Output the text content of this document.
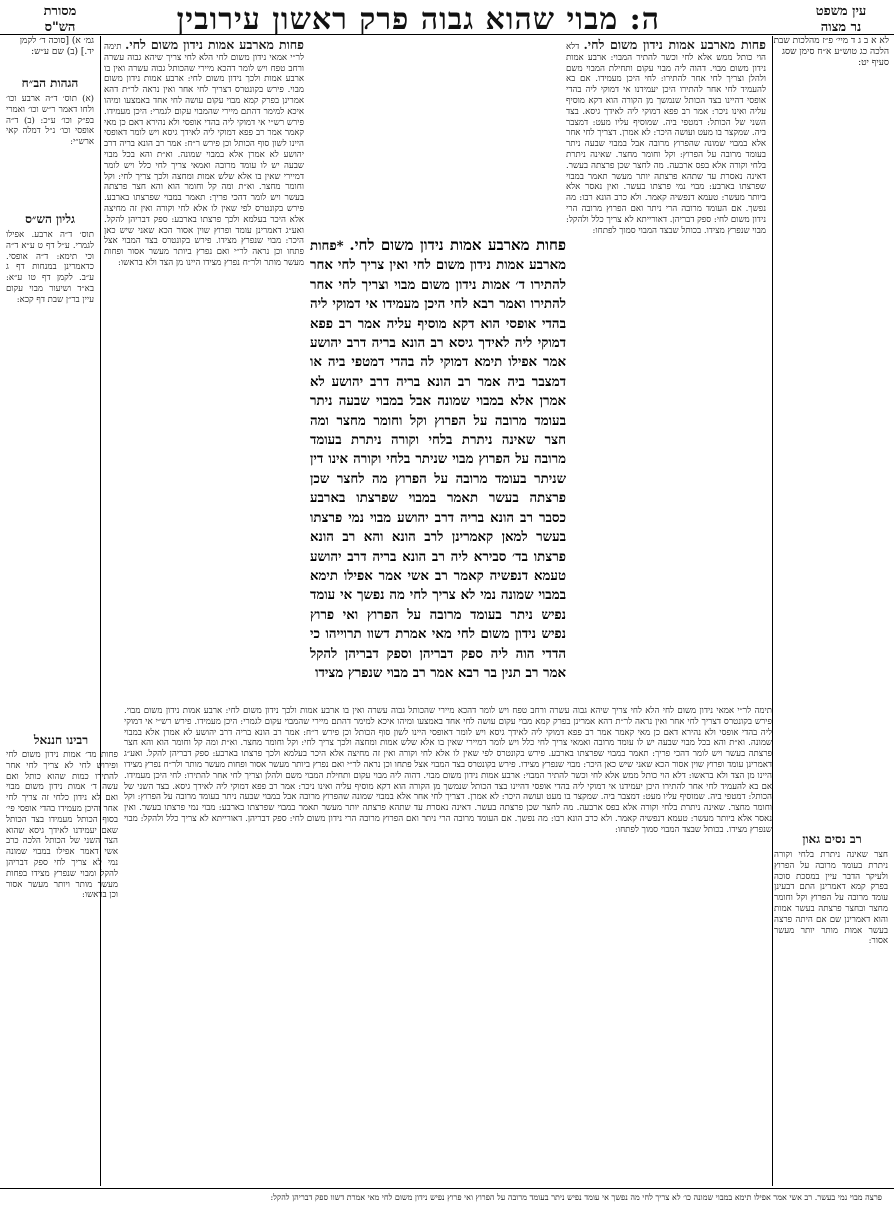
ה: מבוי שהוא גבוה פרק ראשון עירובין	עין משפט
נר מצוה
מסורת
הש"ס
לא א ב ג ד מיי׳ פ״ז מהלכות שבת הלכה כג טוש״ע א״ח סימן שסג סעיף יט:
גמ׳ א) [סוכה ד׳ לקמן יד.] (ב) שם ע״ש:
הגהות הב״ח
(א) תוס׳ ד״ה ארבע וכו׳ ולחו דאמר ר״ש וכו׳ ואמרי בפ״ק וכו׳ ע״כ: (ב) ד״ה אופסי וכו׳ נ״ל דמלה קאי ארש״י:
גליון הש״ס
תוס׳ ד״ה ארבע. אפילו לגמרי. ע״ל דף ט ע״א ד״ה וכי תימא: ד״ה אופסי. כדאמרינן במנחות דף ג ע״ב. לקמן דף טו ע״א: בא״ד ושיעור מבוי עקום עיין בר״ן שבת דף קכא:
רבינו חננאל
פחות מד׳ אמות נידון משום לחי ופירוש לחי לא צריך לחי אחר להתירו כמות שהוא כותל ואם עשה ד׳ אמות נידון משום מבוי ואם לא נידון כלחי זה צריך לחי אחר והיכן מעמידו בהדי אופסי פי׳ בסוף הכותל מעמידו בצד הכותל שאם יעמידנו לאידך גיסא שהוא הצד השני של הכותל הלכה כרב אשי דאמר אפילו במבוי שמונה נמי לא צריך לחי ספק דבריהן להקל ומבוי שנפרץ מצידו בפחות מעשר מותר ויותר מעשר אסור וכן בראשו:
רב נסים גאון
חצר שאינה ניתרת בלחי וקורה ניתרת בעומד מרובה על הפרוץ ולעיקר הדבר עיין במסכת סוכה בפרק קמא דאמרינן התם דבעינן עומד מרובה על הפרוץ וקל וחומר מחצר ובחצר פרצתה בעשר אמות והוא דאמרינן שם אם היתה פרצה בעשר אמות מותר יותר מעשר אסור:
פחות מארבע אמות נידון משום לחי. תימה לר״י אמאי נידון משום לחי הלא לחי צריך שיהא גבוה עשרה ורחב טפח ויש לומר דהכא מיירי שהכותל גבוה עשרה ואין בו ארבע אמות ולכך נידון משום לחי: ארבע אמות נידון משום מבוי. פירש בקונטרס דצריך לחי אחר ואין נראה לר״ת דהא אמרינן בפרק קמא מבוי עקום עושה לחי אחד באמצעו ומיהו איכא למימר דהתם מיירי שהמבוי עקום לגמרי: היכן מעמידו. פירש רש״י אי דמוקי ליה בהדי אופסי ולא נהירא דאם כן מאי קאמר אמר רב פפא דמוקי ליה לאידך גיסא ויש לומר דאופסי היינו לשון סוף הכותל וכן פירש ר״ח: אמר רב הונא בריה דרב יהושע לא אמרן אלא במבוי שמונה. וא״ת והא בכל מבוי שבעה יש לו עומד מרובה ואמאי צריך לחי כלל ויש לומר דמיירי שאין בו אלא שלש אמות ומחצה ולכך צריך לחי: וקל וחומר מחצר. וא״ת ומה קל וחומר הוא והא חצר פרצתה בעשר ויש לומר דהכי פריך: תאמר במבוי שפרצתו בארבע. פירש בקונטרס לפי שאין לו אלא לחי וקורה ואין זה מחיצה אלא היכר בעלמא ולכך פרצתו בארבע: ספק דבריהן להקל. ואע״ג דאמרינן עומד ופרוץ שוין אסור הכא שאני שיש כאן היכר: מבוי שנפרץ מצידו. פירש בקונטרס בצד המבוי אצל פתחו וכן נראה לר״י ואם נפרץ ביותר מעשר אסור ופחות מעשר מותר ולר״ח נפרץ מצידו היינו מן הצד ולא בראשו:
פחות מארבע אמות נידון משום לחי. דלא הוי כותל ממש אלא לחי וכשר להתיר המבוי: ארבע אמות נידון משום מבוי. דהוה ליה מבוי עקום ותחילת המבוי משם ולהלן וצריך לחי אחר להתירו: לחי היכן מעמידו. אם בא להעמיד לחי אחר להתירו היכן יעמידנו אי דמוקי ליה בהדי אופסי דהיינו בצד הכותל שנמשך מן הקורה הוא דקא מוסיף עליה ואינו ניכר: אמר רב פפא דמוקי ליה לאידך גיסא. בצד השני של הכותל: דמטפי ביה. שמוסיף עליו מעט: דמצבר ביה. שמקצר בו מעט ועושה היכר: לא אמרן. דצריך לחי אחר אלא במבוי שמונה שהפרוץ מרובה אבל במבוי שבעה ניתר בעומד מרובה על הפרוץ: וקל וחומר מחצר. שאינה ניתרת בלחי וקורה אלא בפס ארבעה. מה לחצר שכן פרצתה בעשר. דאינה נאסרת עד שתהא פרצתה יותר מעשר תאמר במבוי שפרצתו בארבע: מבוי נמי פרצתו בעשר. ואין נאסר אלא ביותר מעשר: טעמא דנפשיה קאמר. ולא כרב הונא רבו: מה נפשך. אם העומד מרובה הרי ניתר ואם הפרוץ מרובה הרי נידון משום לחי: ספק דבריהן. דאורייתא לא צריך כלל ולהקל: מבוי שנפרץ מצידו. בכותל שבצד המבוי סמוך לפתחו:
פחות מארבע אמות נידון משום לחי. *פחות מארבע אמות נידון משום לחי ואין צריך לחי אחר להתירו ד׳ אמות נידון משום מבוי וצריך לחי אחר להתירו ואמר רבא לחי היכן מעמידו אי דמוקי ליה בהדי אופסי הוא דקא מוסיף עליה אמר רב פפא דמוקי ליה לאידך גיסא רב הונא בריה דרב יהושע אמר אפילו תימא דמוקי לה בהדי דמטפי ביה או דמצבר ביה אמר רב הונא בריה דרב יהושע לא אמרן אלא במבוי שמונה אבל במבוי שבעה ניתר בעומד מרובה על הפרוץ וקל וחומר מחצר ומה חצר שאינה ניתרת בלחי וקורה ניתרת בעומד מרובה על הפרוץ מבוי שניתר בלחי וקורה אינו דין שניתר בעומד מרובה על הפרוץ מה לחצר שכן פרצתה בעשר תאמר במבוי שפרצתו בארבע כסבר רב הונא בריה דרב יהושע מבוי נמי פרצתו בעשר למאן קאמרינן לרב הונא והא רב הונא פרצתו בד׳ סבירא ליה רב הונא בריה דרב יהושע טעמא דנפשיה קאמר רב אשי אמר אפילו תימא במבוי שמונה נמי לא צריך לחי מה נפשך אי עומד נפיש ניתר בעומד מרובה על הפרוץ ואי פרוץ נפיש נידון משום לחי מאי אמרת דשוו תרוייהו כי הדדי הוה ליה ספק דבריהן וספק דבריהן להקל אמר רב תנין בר רבא אמר רב מבוי שנפרץ מצידו
תימה לר״י אמאי נידון משום לחי הלא לחי צריך שיהא גבוה עשרה ורחב טפח ויש לומר דהכא מיירי שהכותל גבוה עשרה ואין בו ארבע אמות ולכך נידון משום לחי: ארבע אמות נידון משום מבוי. פירש בקונטרס דצריך לחי אחר ואין נראה לר״ת דהא אמרינן בפרק קמא מבוי עקום עושה לחי אחד באמצעו ומיהו איכא למימר דהתם מיירי שהמבוי עקום לגמרי: היכן מעמידו. פירש רש״י אי דמוקי ליה בהדי אופסי ולא נהירא דאם כן מאי קאמר אמר רב פפא דמוקי ליה לאידך גיסא ויש לומר דאופסי היינו לשון סוף הכותל וכן פירש ר״ח: אמר רב הונא בריה דרב יהושע לא אמרן אלא במבוי שמונה. וא״ת והא בכל מבוי שבעה יש לו עומד מרובה ואמאי צריך לחי כלל ויש לומר דמיירי שאין בו אלא שלש אמות ומחצה ולכך צריך לחי: וקל וחומר מחצר. וא״ת ומה קל וחומר הוא והא חצר פרצתה בעשר ויש לומר דהכי פריך: תאמר במבוי שפרצתו בארבע. פירש בקונטרס לפי שאין לו אלא לחי וקורה ואין זה מחיצה אלא היכר בעלמא ולכך פרצתו בארבע: ספק דבריהן להקל. ואע״ג דאמרינן עומד ופרוץ שוין אסור הכא שאני שיש כאן היכר: מבוי שנפרץ מצידו. פירש בקונטרס בצד המבוי אצל פתחו וכן נראה לר״י ואם נפרץ ביותר מעשר אסור ופחות מעשר מותר ולר״ח נפרץ מצידו היינו מן הצד ולא בראשו: דלא הוי כותל ממש אלא לחי וכשר להתיר המבוי: ארבע אמות נידון משום מבוי. דהוה ליה מבוי עקום ותחילת המבוי משם ולהלן וצריך לחי אחר להתירו: לחי היכן מעמידו. אם בא להעמיד לחי אחר להתירו היכן יעמידנו אי דמוקי ליה בהדי אופסי דהיינו בצד הכותל שנמשך מן הקורה הוא דקא מוסיף עליה ואינו ניכר: אמר רב פפא דמוקי ליה לאידך גיסא. בצד השני של הכותל: דמטפי ביה. שמוסיף עליו מעט: דמצבר ביה. שמקצר בו מעט ועושה היכר: לא אמרן. דצריך לחי אחר אלא במבוי שמונה שהפרוץ מרובה אבל במבוי שבעה ניתר בעומד מרובה על הפרוץ: וקל וחומר מחצר. שאינה ניתרת בלחי וקורה אלא בפס ארבעה. מה לחצר שכן פרצתה בעשר. דאינה נאסרת עד שתהא פרצתה יותר מעשר תאמר במבוי שפרצתו בארבע: מבוי נמי פרצתו בעשר. ואין נאסר אלא ביותר מעשר: טעמא דנפשיה קאמר. ולא כרב הונא רבו: מה נפשך. אם העומד מרובה הרי ניתר ואם הפרוץ מרובה הרי נידון משום לחי: ספק דבריהן. דאורייתא לא צריך כלל ולהקל: מבוי שנפרץ מצידו. בכותל שבצד המבוי סמוך לפתחו:
פרצה מבוי נמי בעשר. רב אשי אמר אפילו תימא במבוי שמונה כו׳ לא צריך לחי מה נפשך אי עומד נפיש ניתר בעומד מרובה על הפרוץ ואי פרוץ נפיש נידון משום לחי מאי אמרת דשוו ספק דבריהן להקל:
